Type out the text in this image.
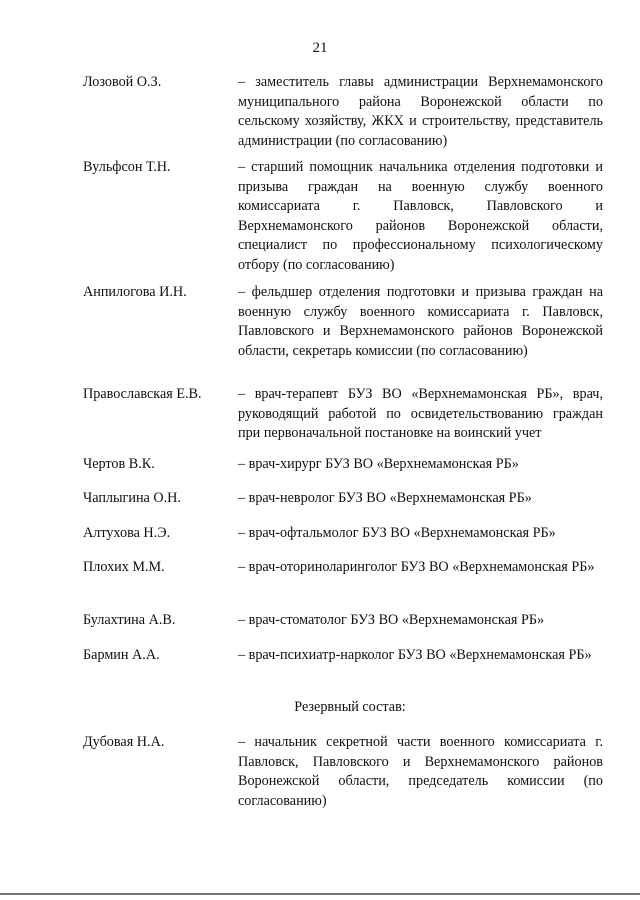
21
Лозовой О.З.	– заместитель главы администрации Верхнемамонского муниципального района Воронежской области по сельскому хозяйству, ЖКХ и строительству, представитель администрации (по согласованию)
Вульфсон Т.Н.	– старший помощник начальника отделения подготовки и призыва граждан на военную службу военного комиссариата г. Павловск, Павловского и Верхнемамонского районов Воронежской области, специалист по профессиональному психологическому отбору (по согласованию)
Анпилогова И.Н.	– фельдшер отделения подготовки и призыва граждан на военную службу военного комиссариата г. Павловск, Павловского и Верхнемамонского районов Воронежской области, секретарь комиссии (по согласованию)
Православская Е.В.	– врач-терапевт БУЗ ВО «Верхнемамонская РБ», врач, руководящий работой по освидетельствованию граждан при первоначальной постановке на воинский учет
Чертов В.К.	– врач-хирург БУЗ ВО «Верхнемамонская РБ»
Чаплыгина О.Н.	– врач-невролог БУЗ ВО «Верхнемамонская РБ»
Алтухова Н.Э.	– врач-офтальмолог БУЗ ВО «Верхнемамонская РБ»
Плохих М.М.	– врач-оториноларинголог БУЗ ВО «Верхнемамонская РБ»
Булахтина А.В.	– врач-стоматолог БУЗ ВО «Верхнемамонская РБ»
Бармин А.А.	– врач-психиатр-нарколог БУЗ ВО «Верхнемамонская РБ»
Резервный состав:
Дубовая Н.А.	– начальник секретной части военного комиссариата г. Павловск, Павловского и Верхнемамонского районов Воронежской области, председатель комиссии (по согласованию)
